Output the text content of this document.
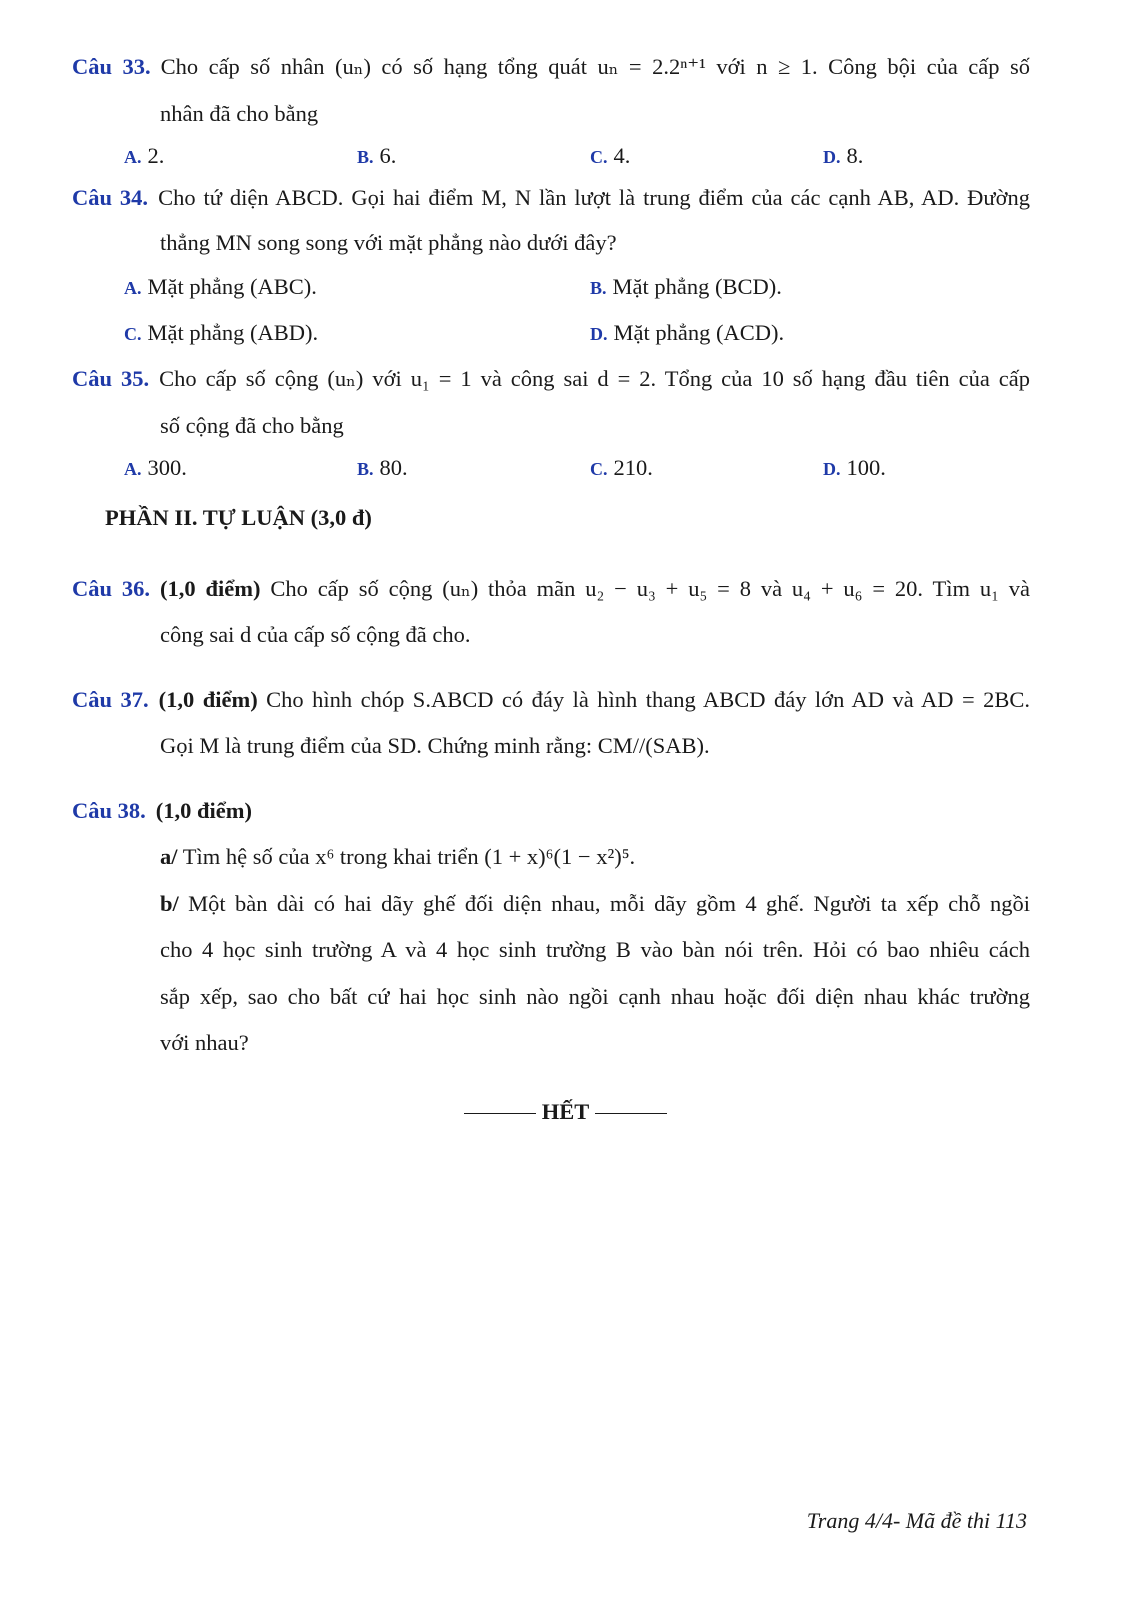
Câu 33. Cho cấp số nhân (uₙ) có số hạng tổng quát uₙ = 2.2ⁿ⁺¹ với n ≥ 1. Công bội của cấp số
nhân đã cho bằng
A. 2.	B. 6.	C. 4.	D. 8.
Câu 34. Cho tứ diện ABCD. Gọi hai điểm M, N lần lượt là trung điểm của các cạnh AB, AD. Đường
thẳng MN song song với mặt phẳng nào dưới đây?
A. Mặt phẳng (ABC).	B. Mặt phẳng (BCD).
C. Mặt phẳng (ABD).	D. Mặt phẳng (ACD).
Câu 35. Cho cấp số cộng (uₙ) với u₁ = 1 và công sai d = 2. Tổng của 10 số hạng đầu tiên của cấp
số cộng đã cho bằng
A. 300.	B. 80.	C. 210.	D. 100.
PHẦN II. TỰ LUẬN (3,0 đ)
Câu 36. (1,0 điểm) Cho cấp số cộng (uₙ) thỏa mãn u₂ − u₃ + u₅ = 8 và u₄ + u₆ = 20. Tìm u₁ và
công sai d của cấp số cộng đã cho.
Câu 37. (1,0 điểm) Cho hình chóp S.ABCD có đáy là hình thang ABCD đáy lớn AD và AD = 2BC.
Gọi M là trung điểm của SD. Chứng minh rằng: CM//(SAB).
Câu 38. (1,0 điểm)
a/ Tìm hệ số của x⁶ trong khai triển (1 + x)⁶(1 − x²)⁵.
b/ Một bàn dài có hai dãy ghế đối diện nhau, mỗi dãy gồm 4 ghế. Người ta xếp chỗ ngồi
cho 4 học sinh trường A và 4 học sinh trường B vào bàn nói trên. Hỏi có bao nhiêu cách
sắp xếp, sao cho bất cứ hai học sinh nào ngồi cạnh nhau hoặc đối diện nhau khác trường
với nhau?
HẾT
Trang 4/4- Mã đề thi 113
